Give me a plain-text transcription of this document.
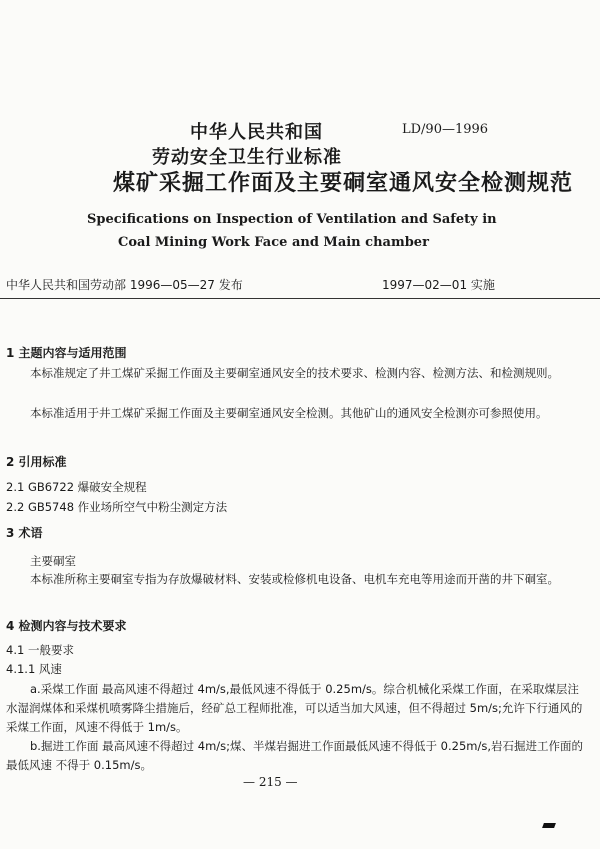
中华人民共和国	LD/90—1996
劳动安全卫生行业标准
煤矿采掘工作面及主要硐室通风安全检测规范
Specifications on Inspection of Ventilation and Safety in
Coal Mining Work Face and Main chamber
中华人民共和国劳动部 1996—05—27 发布	1997—02—01 实施
1 主题内容与适用范围
本标准规定了井工煤矿采掘工作面及主要硐室通风安全的技术要求、检测内容、检测方法、和检测规则。
本标准适用于井工煤矿采掘工作面及主要硐室通风安全检测。其他矿山的通风安全检测亦可参照使用。
2 引用标准
2.1 GB6722 爆破安全规程
2.2 GB5748 作业场所空气中粉尘测定方法
3 术语
主要硐室
本标准所称主要硐室专指为存放爆破材料、安装或检修机电设备、电机车充电等用途而开凿的井下硐室。
4 检测内容与技术要求
4.1 一般要求
4.1.1 风速
a.采煤工作面 最高风速不得超过 4m/s,最低风速不得低于 0.25m/s。综合机械化采煤工作面，在采取煤层注水湿润煤体和采煤机喷雾降尘措施后，经矿总工程师批准，可以适当加大风速，但不得超过 5m/s;允许下行通风的采煤工作面，风速不得低于 1m/s。
b.掘进工作面 最高风速不得超过 4m/s;煤、半煤岩掘进工作面最低风速不得低于 0.25m/s,岩石掘进工作面的最低风速 不得于 0.15m/s。
— 215 —
